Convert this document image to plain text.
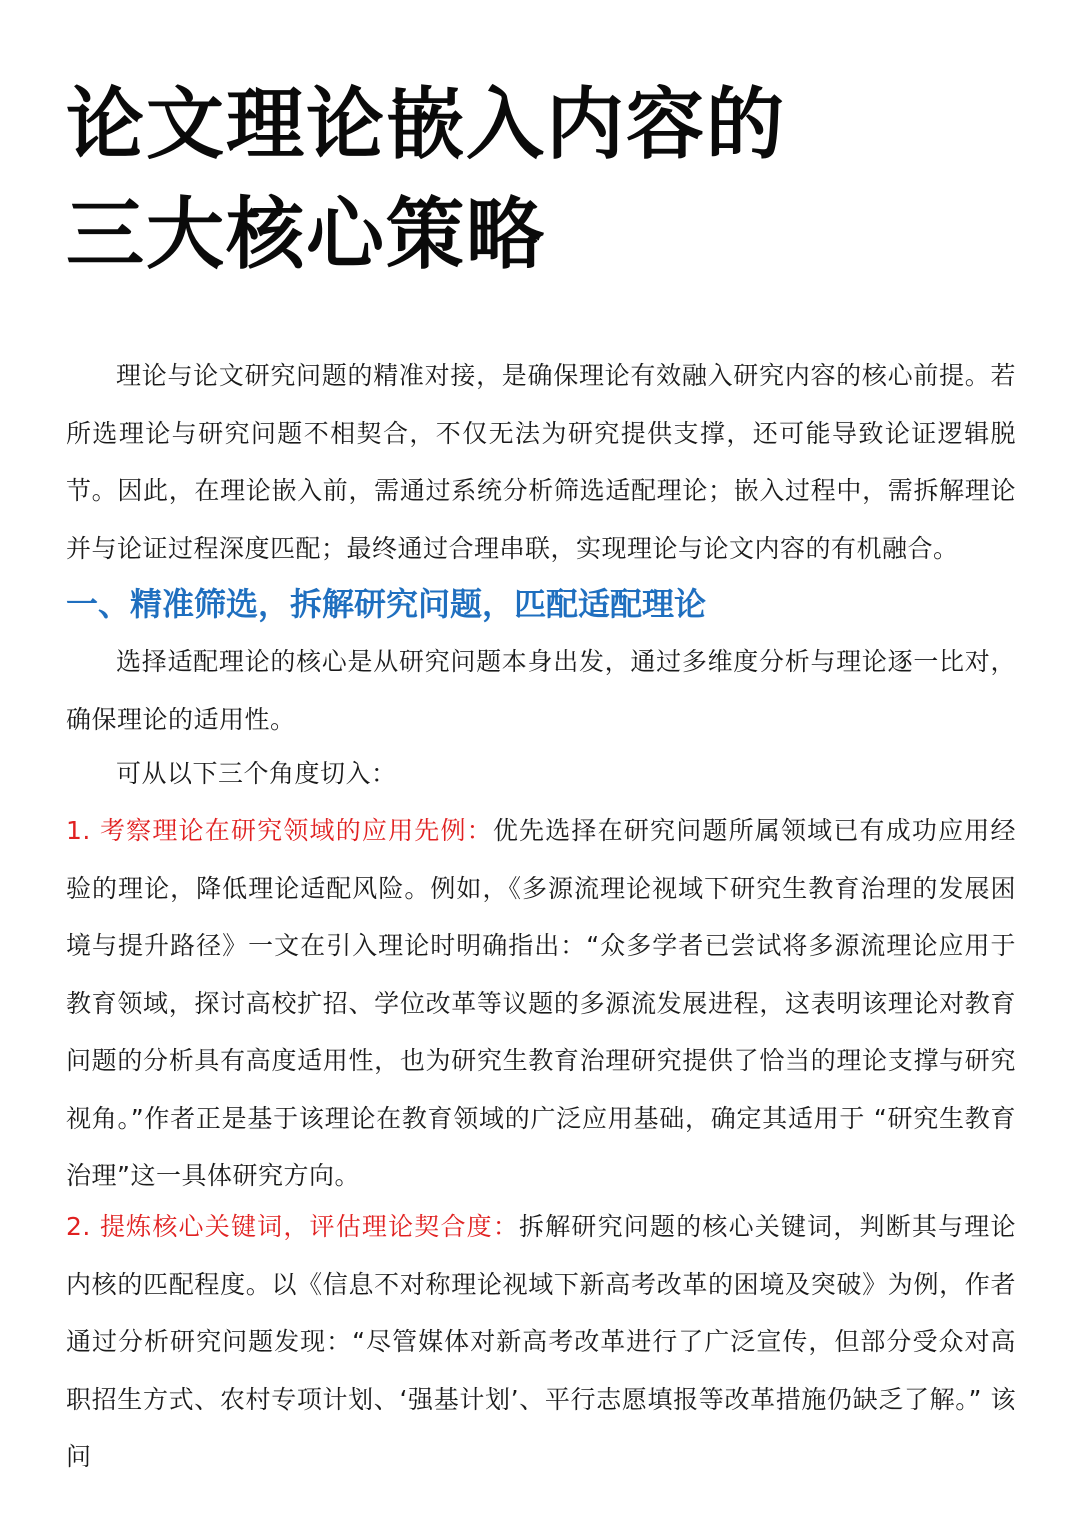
论文理论嵌入内容的
三大核心策略

理论与论文研究问题的精准对接，是确保理论有效融入研究内容的核心前提。若所选理论与研究问题不相契合，不仅无法为研究提供支撑，还可能导致论证逻辑脱节。因此，在理论嵌入前，需通过系统分析筛选适配理论；嵌入过程中，需拆解理论并与论证过程深度匹配；最终通过合理串联，实现理论与论文内容的有机融合。

一、精准筛选，拆解研究问题，匹配适配理论

选择适配理论的核心是从研究问题本身出发，通过多维度分析与理论逐一比对，确保理论的适用性。

可从以下三个角度切入：

1. 考察理论在研究领域的应用先例：优先选择在研究问题所属领域已有成功应用经验的理论，降低理论适配风险。例如，《多源流理论视域下研究生教育治理的发展困境与提升路径》一文在引入理论时明确指出：“众多学者已尝试将多源流理论应用于教育领域，探讨高校扩招、学位改革等议题的多源流发展进程，这表明该理论对教育问题的分析具有高度适用性，也为研究生教育治理研究提供了恰当的理论支撑与研究视角。”作者正是基于该理论在教育领域的广泛应用基础，确定其适用于 “研究生教育治理”这一具体研究方向。

2. 提炼核心关键词，评估理论契合度：拆解研究问题的核心关键词，判断其与理论内核的匹配程度。以《信息不对称理论视域下新高考改革的困境及突破》为例，作者通过分析研究问题发现：“尽管媒体对新高考改革进行了广泛宣传，但部分受众对高职招生方式、农村专项计划、‘强基计划’、平行志愿填报等改革措施仍缺乏了解。” 该问
